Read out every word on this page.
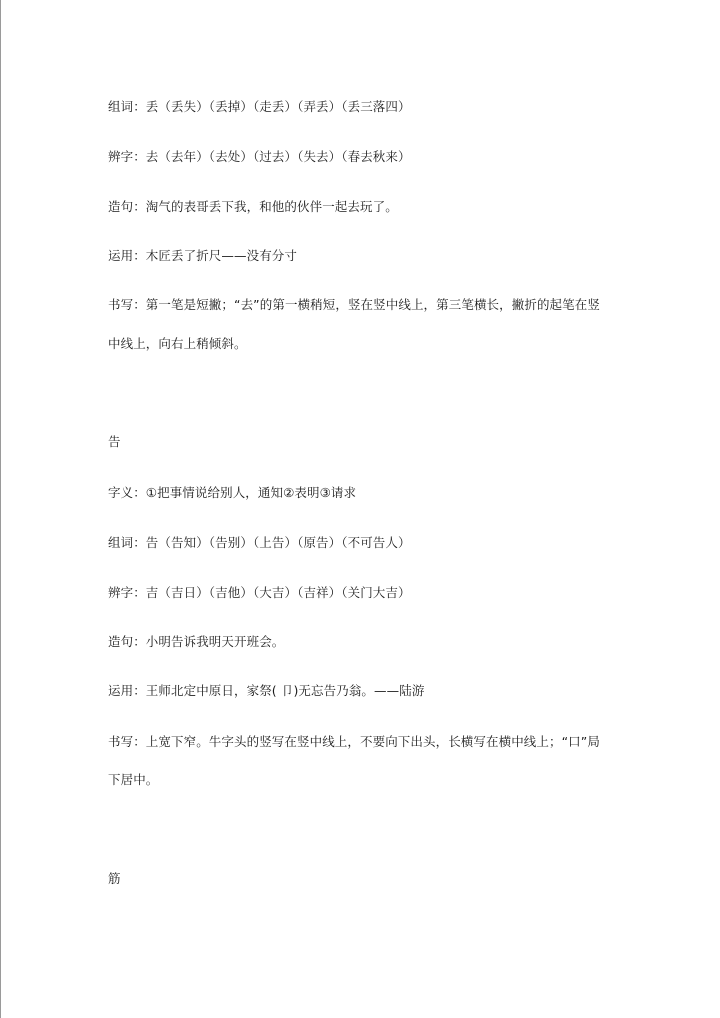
组词：丢（丢失）（丢掉）（走丢）（弄丢）（丢三落四）
辨字：去（去年）（去处）（过去）（失去）（春去秋来）
造句：淘气的表哥丢下我，和他的伙伴一起去玩了。
运用：木匠丢了折尺——没有分寸
书写：第一笔是短撇；“去”的第一横稍短，竖在竖中线上，第三笔横长，撇折的起笔在竖
中线上，向右上稍倾斜。
告
字义：①把事情说给别人，通知②表明③请求
组词：告（告知）（告别）（上告）（原告）（不可告人）
辨字：吉（吉日）（吉他）（大吉）（吉祥）（关门大吉）
造句：小明告诉我明天开班会。
运用：王师北定中原日，家祭( 卩)无忘告乃翁。——陆游
书写：上宽下窄。牛字头的竖写在竖中线上，不要向下出头，长横写在横中线上；“口”局
下居中。
筋
